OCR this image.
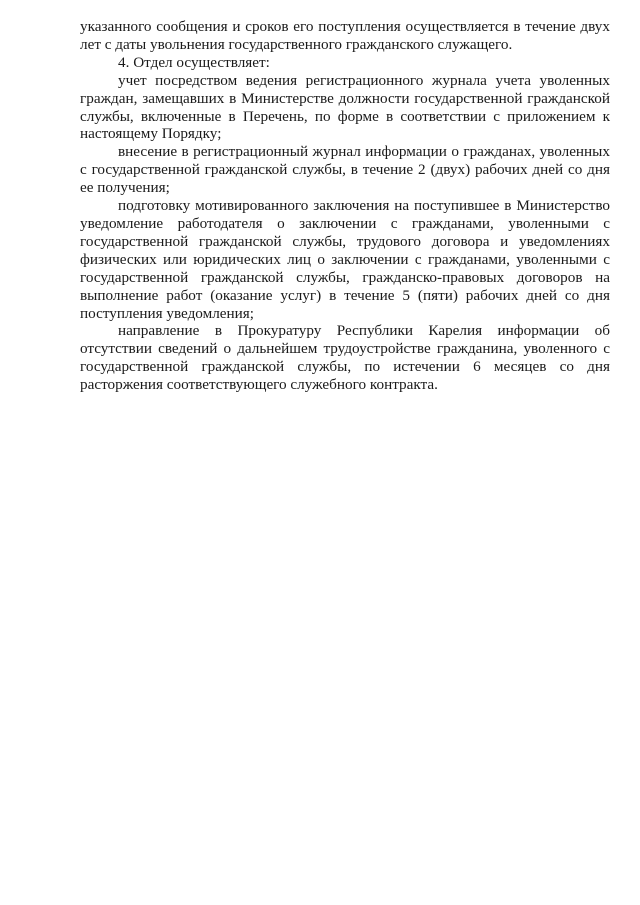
указанного сообщения и сроков его поступления осуществляется в течение двух лет с даты увольнения государственного гражданского служащего.

4. Отдел осуществляет:

учет посредством ведения регистрационного журнала учета уволенных граждан, замещавших в Министерстве должности государственной гражданской службы, включенные в Перечень, по форме в соответствии с приложением к настоящему Порядку;

внесение в регистрационный журнал информации о гражданах, уволенных с государственной гражданской службы, в течение 2 (двух) рабочих дней со дня ее получения;

подготовку мотивированного заключения на поступившее в Министерство уведомление работодателя о заключении с гражданами, уволенными с государственной гражданской службы, трудового договора и уведомлениях физических или юридических лиц о заключении с гражданами, уволенными с государственной гражданской службы, гражданско-правовых договоров на выполнение работ (оказание услуг) в течение 5 (пяти) рабочих дней со дня поступления уведомления;

направление в Прокуратуру Республики Карелия информации об отсутствии сведений о дальнейшем трудоустройстве гражданина, уволенного с государственной гражданской службы, по истечении 6 месяцев со дня расторжения соответствующего служебного контракта.
